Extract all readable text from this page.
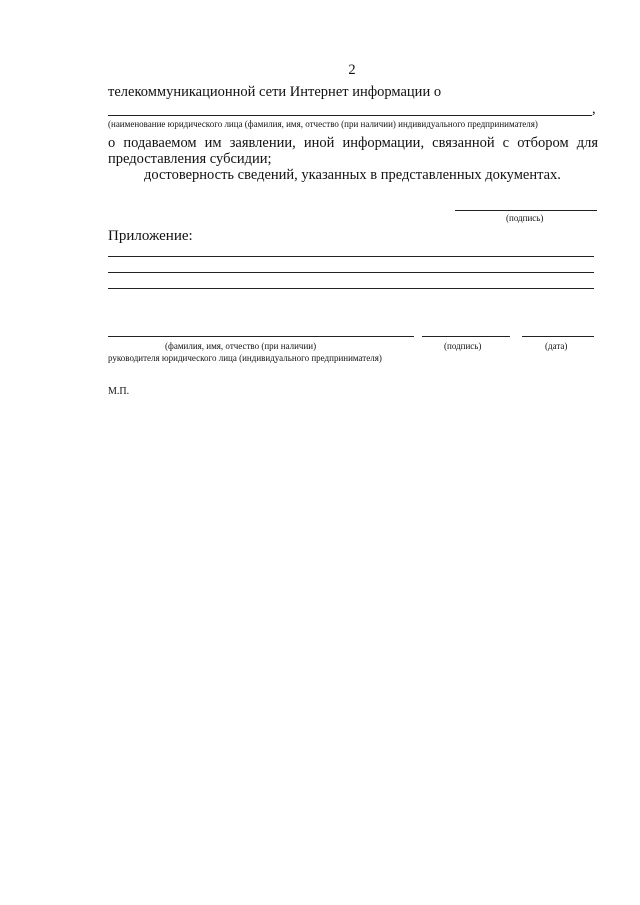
2
телекоммуникационной сети Интернет информации о
,
(наименование юридического лица (фамилия, имя, отчество (при наличии) индивидуального предпринимателя)
о подаваемом им заявлении, иной информации, связанной с отбором для
предоставления субсидии;
достоверность сведений, указанных в представленных документах.
(подпись)
Приложение:
(фамилия, имя, отчество (при наличии)	(подпись)	(дата)
руководителя юридического лица (индивидуального предпринимателя)
М.П.
